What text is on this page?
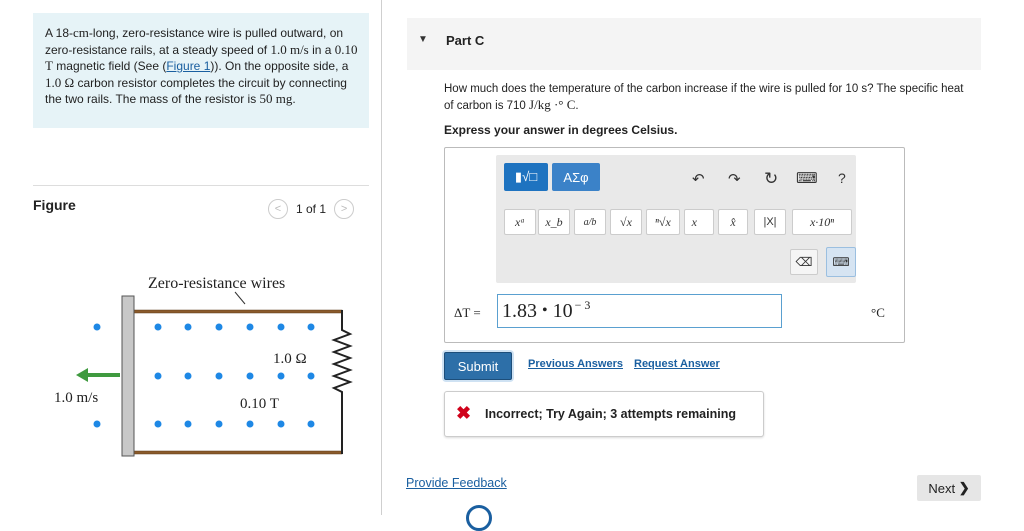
A 18-cm-long, zero-resistance wire is pulled outward, on zero-resistance rails, at a steady speed of 1.0 m/s in a 0.10 T magnetic field (See (Figure 1)). On the opposite side, a 1.0 Ω carbon resistor completes the circuit by connecting the two rails. The mass of the resistor is 50 mg.
Figure	< 1 of 1 >
Zero-resistance wires
1.0 Ω
1.0 m/s	0.10 T
▼ Part C
How much does the temperature of the carbon increase if the wire is pulled for 10 s? The specific heat of carbon is 710 J/kg ·° C.
Express your answer in degrees Celsius.
▮√□ ΑΣφ	↶ ↷ ↻ ⌨ ?
xᵃ	x_b	a/b	√x	ⁿ√x	x⃗	x̂	|X|	x·10ⁿ
⌫	⌨
ΔT = 1.83
•
$10^{- 3}$
°C
Submit	Previous Answers Request Answer
✖ Incorrect; Try Again; 3 attempts remaining
Provide Feedback	Next
❯
